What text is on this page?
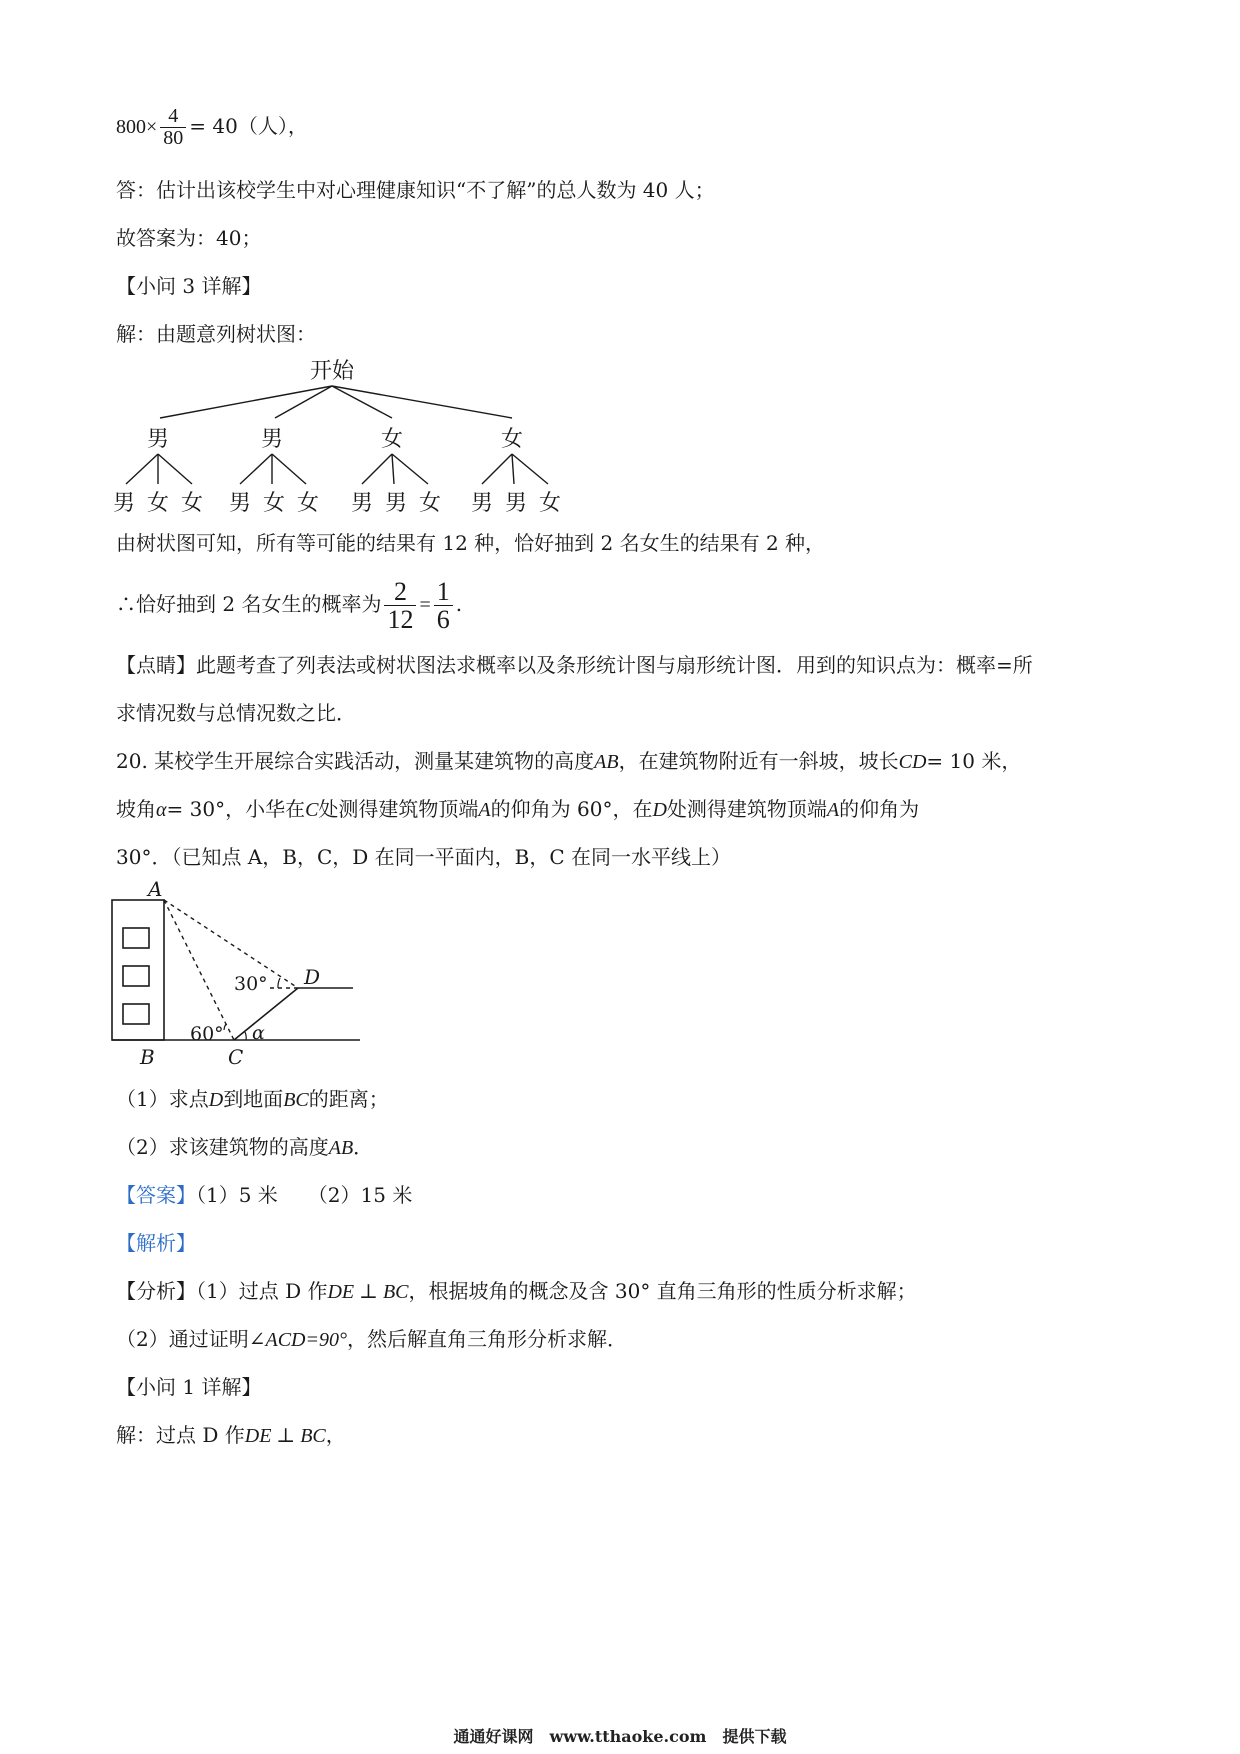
$800\times \frac{4}{80} = 40$（人），
答：估计出该校学生中对心理健康知识“不了解”的总人数为 40 人；
故答案为：40；
【小问 3 详解】
解：由题意列树状图：
开始
男	男	女	女
男 女 女 男 女 女 男 男 女 男 男 女
由树状图可知，所有等可能的结果有 12 种，恰好抽到 2 名女生的结果有 2 种，
∴恰好抽到 2 名女生的概率为 $\frac{2}{12} = \frac{1}{6}$ .
【点睛】此题考查了列表法或树状图法求概率以及条形统计图与扇形统计图．用到的知识点为：概率=所
求情况数与总情况数之比．
20. 某校学生开展综合实践活动，测量某建筑物的高度AB，在建筑物附近有一斜坡，坡长CD= 10 米，
坡角α= 30°，小华在C处测得建筑物顶端A的仰角为 60°，在D处测得建筑物顶端A的仰角为
30°．（已知点 A，B，C，D 在同一平面内，B，C 在同一水平线上）
A
B	C
D
30°
60° α
（1）求点D到地面BC的距离；
（2）求该建筑物的高度AB．
【答案】（1）5 米　　（2）15 米
【解析】
【分析】（1）过点 D 作DE ⊥ BC，根据坡角的概念及含 30° 直角三角形的性质分析求解；
（2）通过证明∠ACD=90°，然后解直角三角形分析求解．
【小问 1 详解】
解：过点 D 作DE ⊥ BC，
通通好课网　www.tthaoke.com　提供下载
